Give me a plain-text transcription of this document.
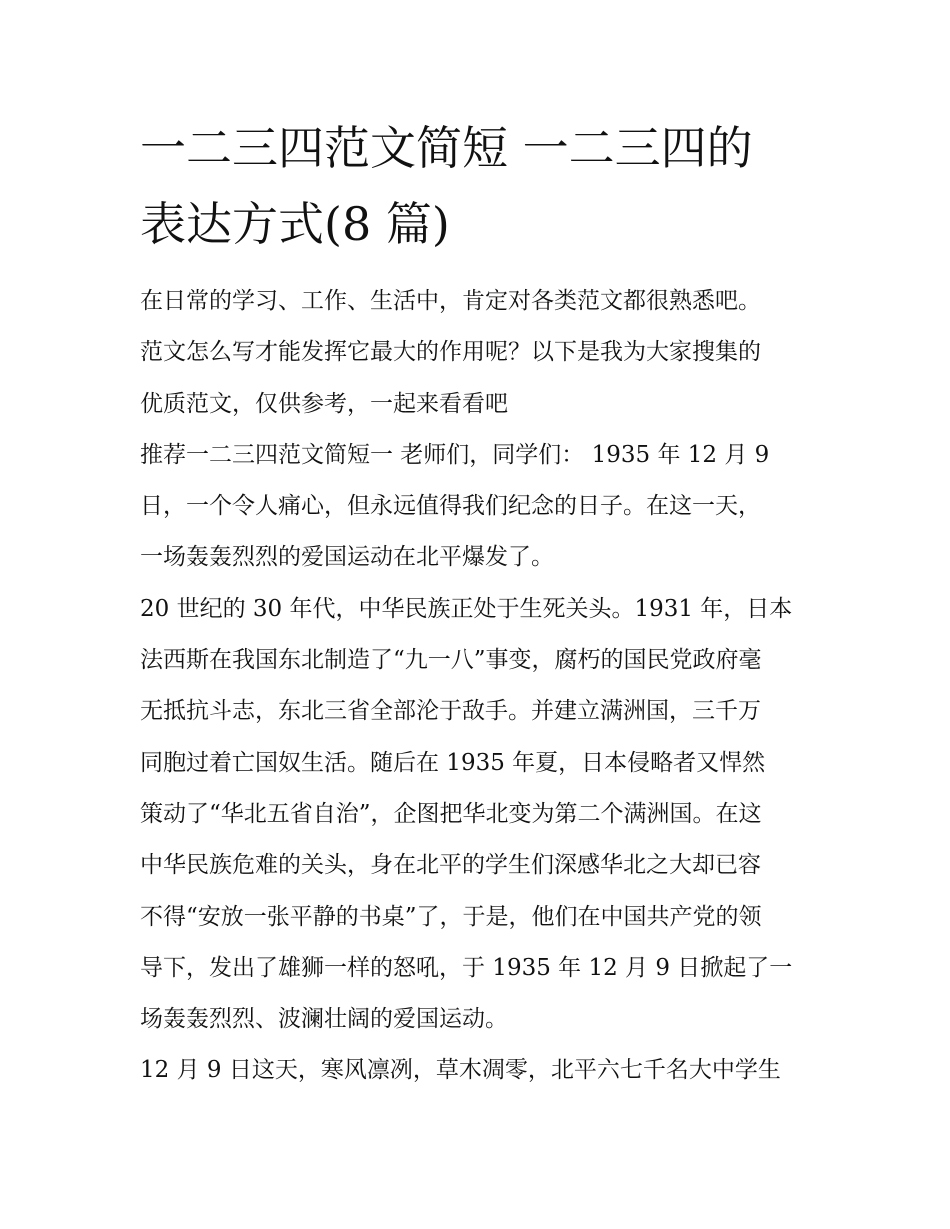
一二三四范文简短 一二三四的
表达方式(8 篇)
在日常的学习、工作、生活中，肯定对各类范文都很熟悉吧。
范文怎么写才能发挥它最大的作用呢？以下是我为大家搜集的
优质范文，仅供参考，一起来看看吧
推荐一二三四范文简短一 老师们，同学们： 1935 年 12 月 9
日，一个令人痛心，但永远值得我们纪念的日子。在这一天，
一场轰轰烈烈的爱国运动在北平爆发了。
20 世纪的 30 年代，中华民族正处于生死关头。1931 年，日本
法西斯在我国东北制造了“九一八”事变，腐朽的国民党政府毫
无抵抗斗志，东北三省全部沦于敌手。并建立满洲国，三千万
同胞过着亡国奴生活。随后在 1935 年夏，日本侵略者又悍然
策动了“华北五省自治”，企图把华北变为第二个满洲国。在这
中华民族危难的关头，身在北平的学生们深感华北之大却已容
不得“安放一张平静的书桌”了，于是，他们在中国共产党的领
导下，发出了雄狮一样的怒吼，于 1935 年 12 月 9 日掀起了一
场轰轰烈烈、波澜壮阔的爱国运动。
12 月 9 日这天，寒风凛冽，草木凋零，北平六七千名大中学生
